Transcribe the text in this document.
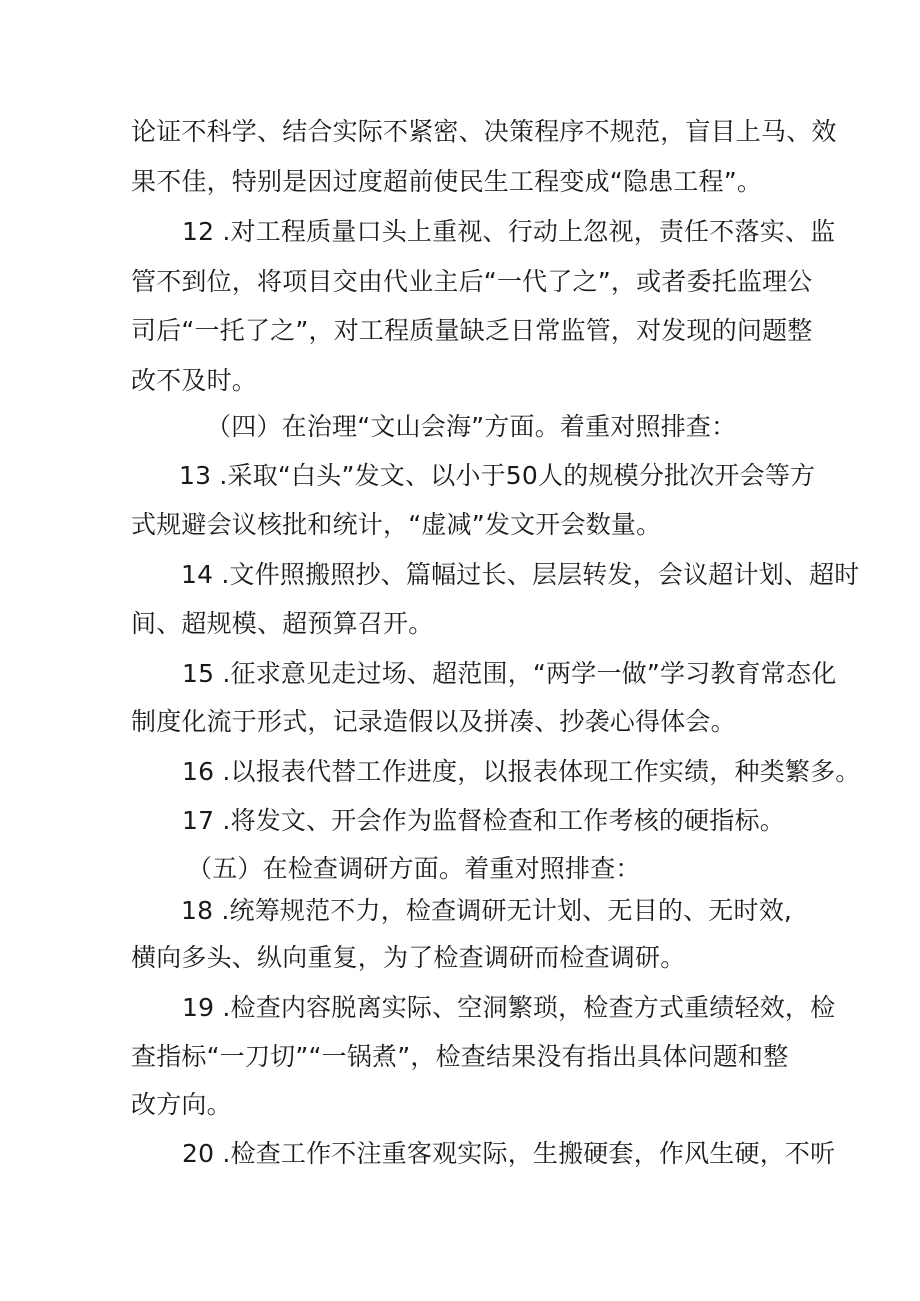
论证不科学、结合实际不紧密、决策程序不规范，盲目上马、效
果不佳，特别是因过度超前使民生工程变成“隐患工程”。
12 .对工程质量口头上重视、行动上忽视，责任不落实、监
管不到位，将项目交由代业主后“一代了之”，或者委托监理公
司后“一托了之”，对工程质量缺乏日常监管，对发现的问题整
改不及时。
（四）在治理“文山会海”方面。着重对照排查：
13 .采取“白头”发文、以小于50人的规模分批次开会等方
式规避会议核批和统计，“虚减”发文开会数量。
14 .文件照搬照抄、篇幅过长、层层转发，会议超计划、超时
间、超规模、超预算召开。
15 .征求意见走过场、超范围，“两学一做”学习教育常态化
制度化流于形式，记录造假以及拼凑、抄袭心得体会。
16 .以报表代替工作进度，以报表体现工作实绩，种类繁多。
17 .将发文、开会作为监督检查和工作考核的硬指标。
（五）在检查调研方面。着重对照排查：
18 .统筹规范不力，检查调研无计划、无目的、无时效,
横向多头、纵向重复，为了检查调研而检查调研。
19 .检查内容脱离实际、空洞繁琐，检查方式重绩轻效，检
查指标“一刀切”“一锅煮”，检查结果没有指出具体问题和整
改方向。
20 .检查工作不注重客观实际，生搬硬套，作风生硬，不听
